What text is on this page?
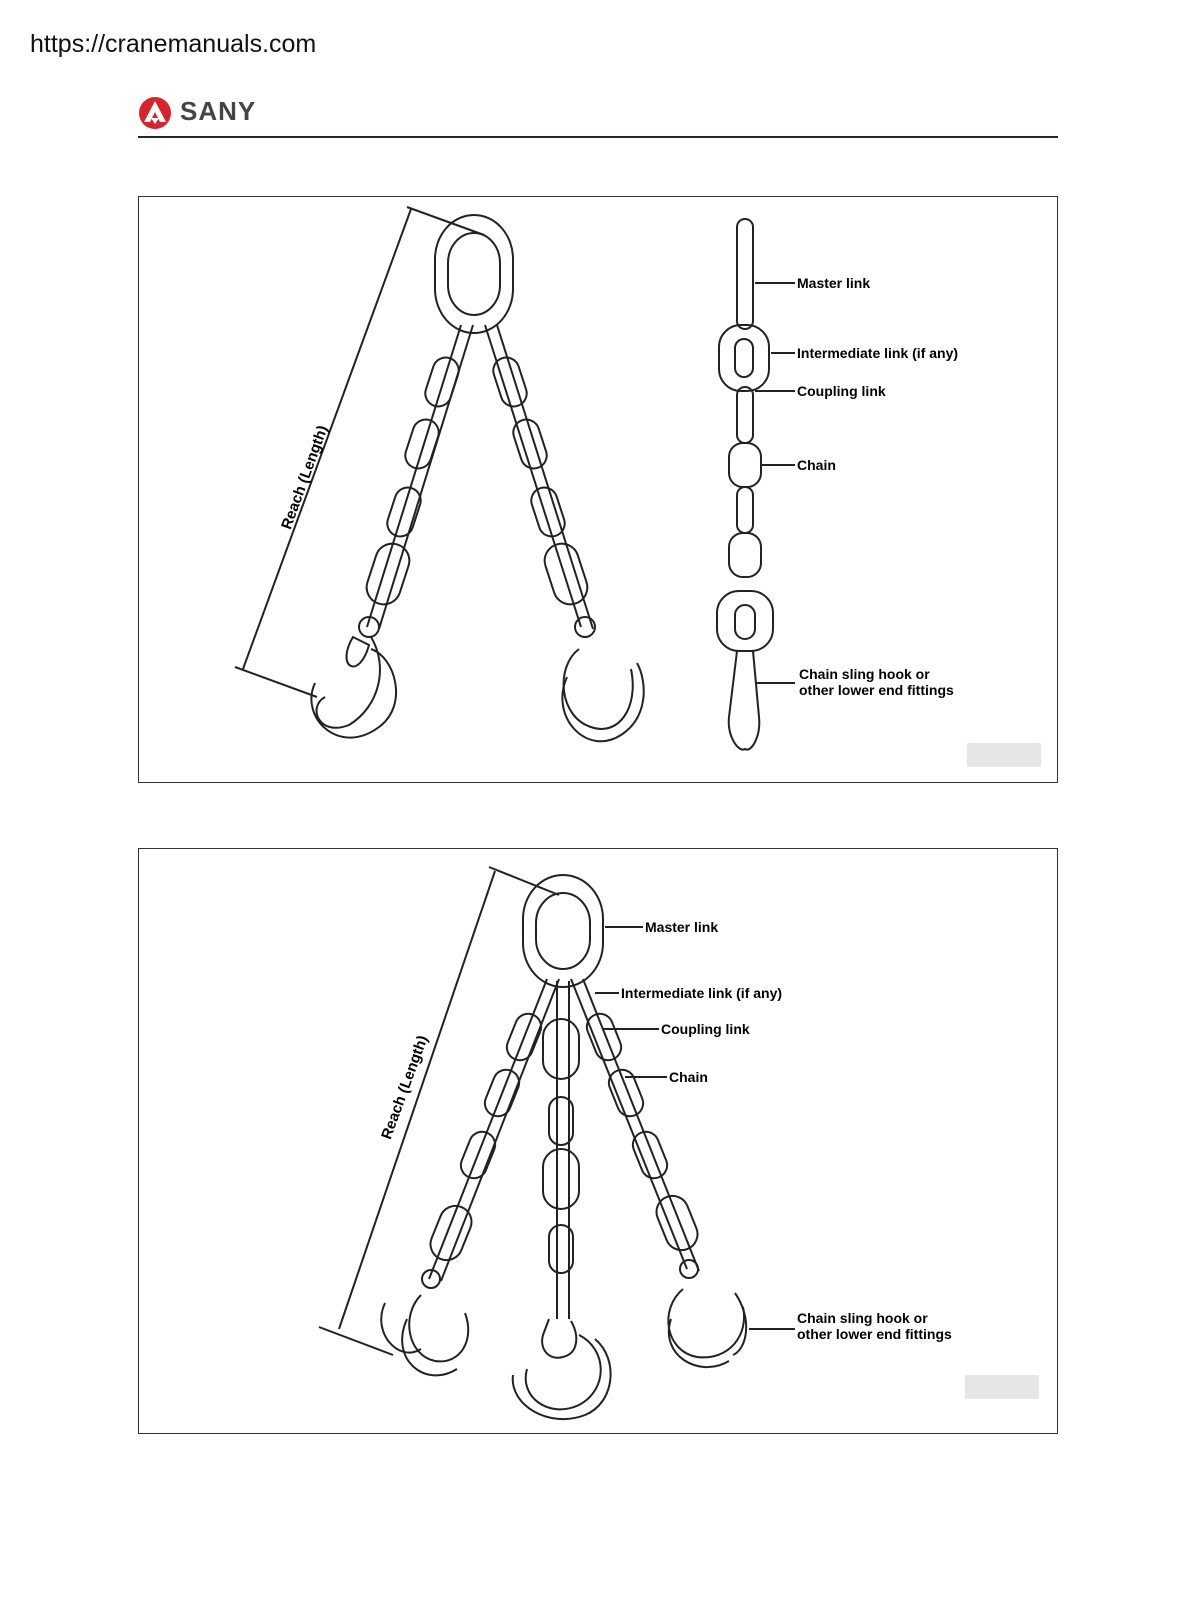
https://cranemanuals.com
SANY
Reach (Length)
Master link
Intermediate link (if any)
Coupling link
Chain
Chain sling hook or
other lower end fittings
Reach (Length)
Master link
Intermediate link (if any)
Coupling link
Chain
Chain sling hook or
other lower end fittings
